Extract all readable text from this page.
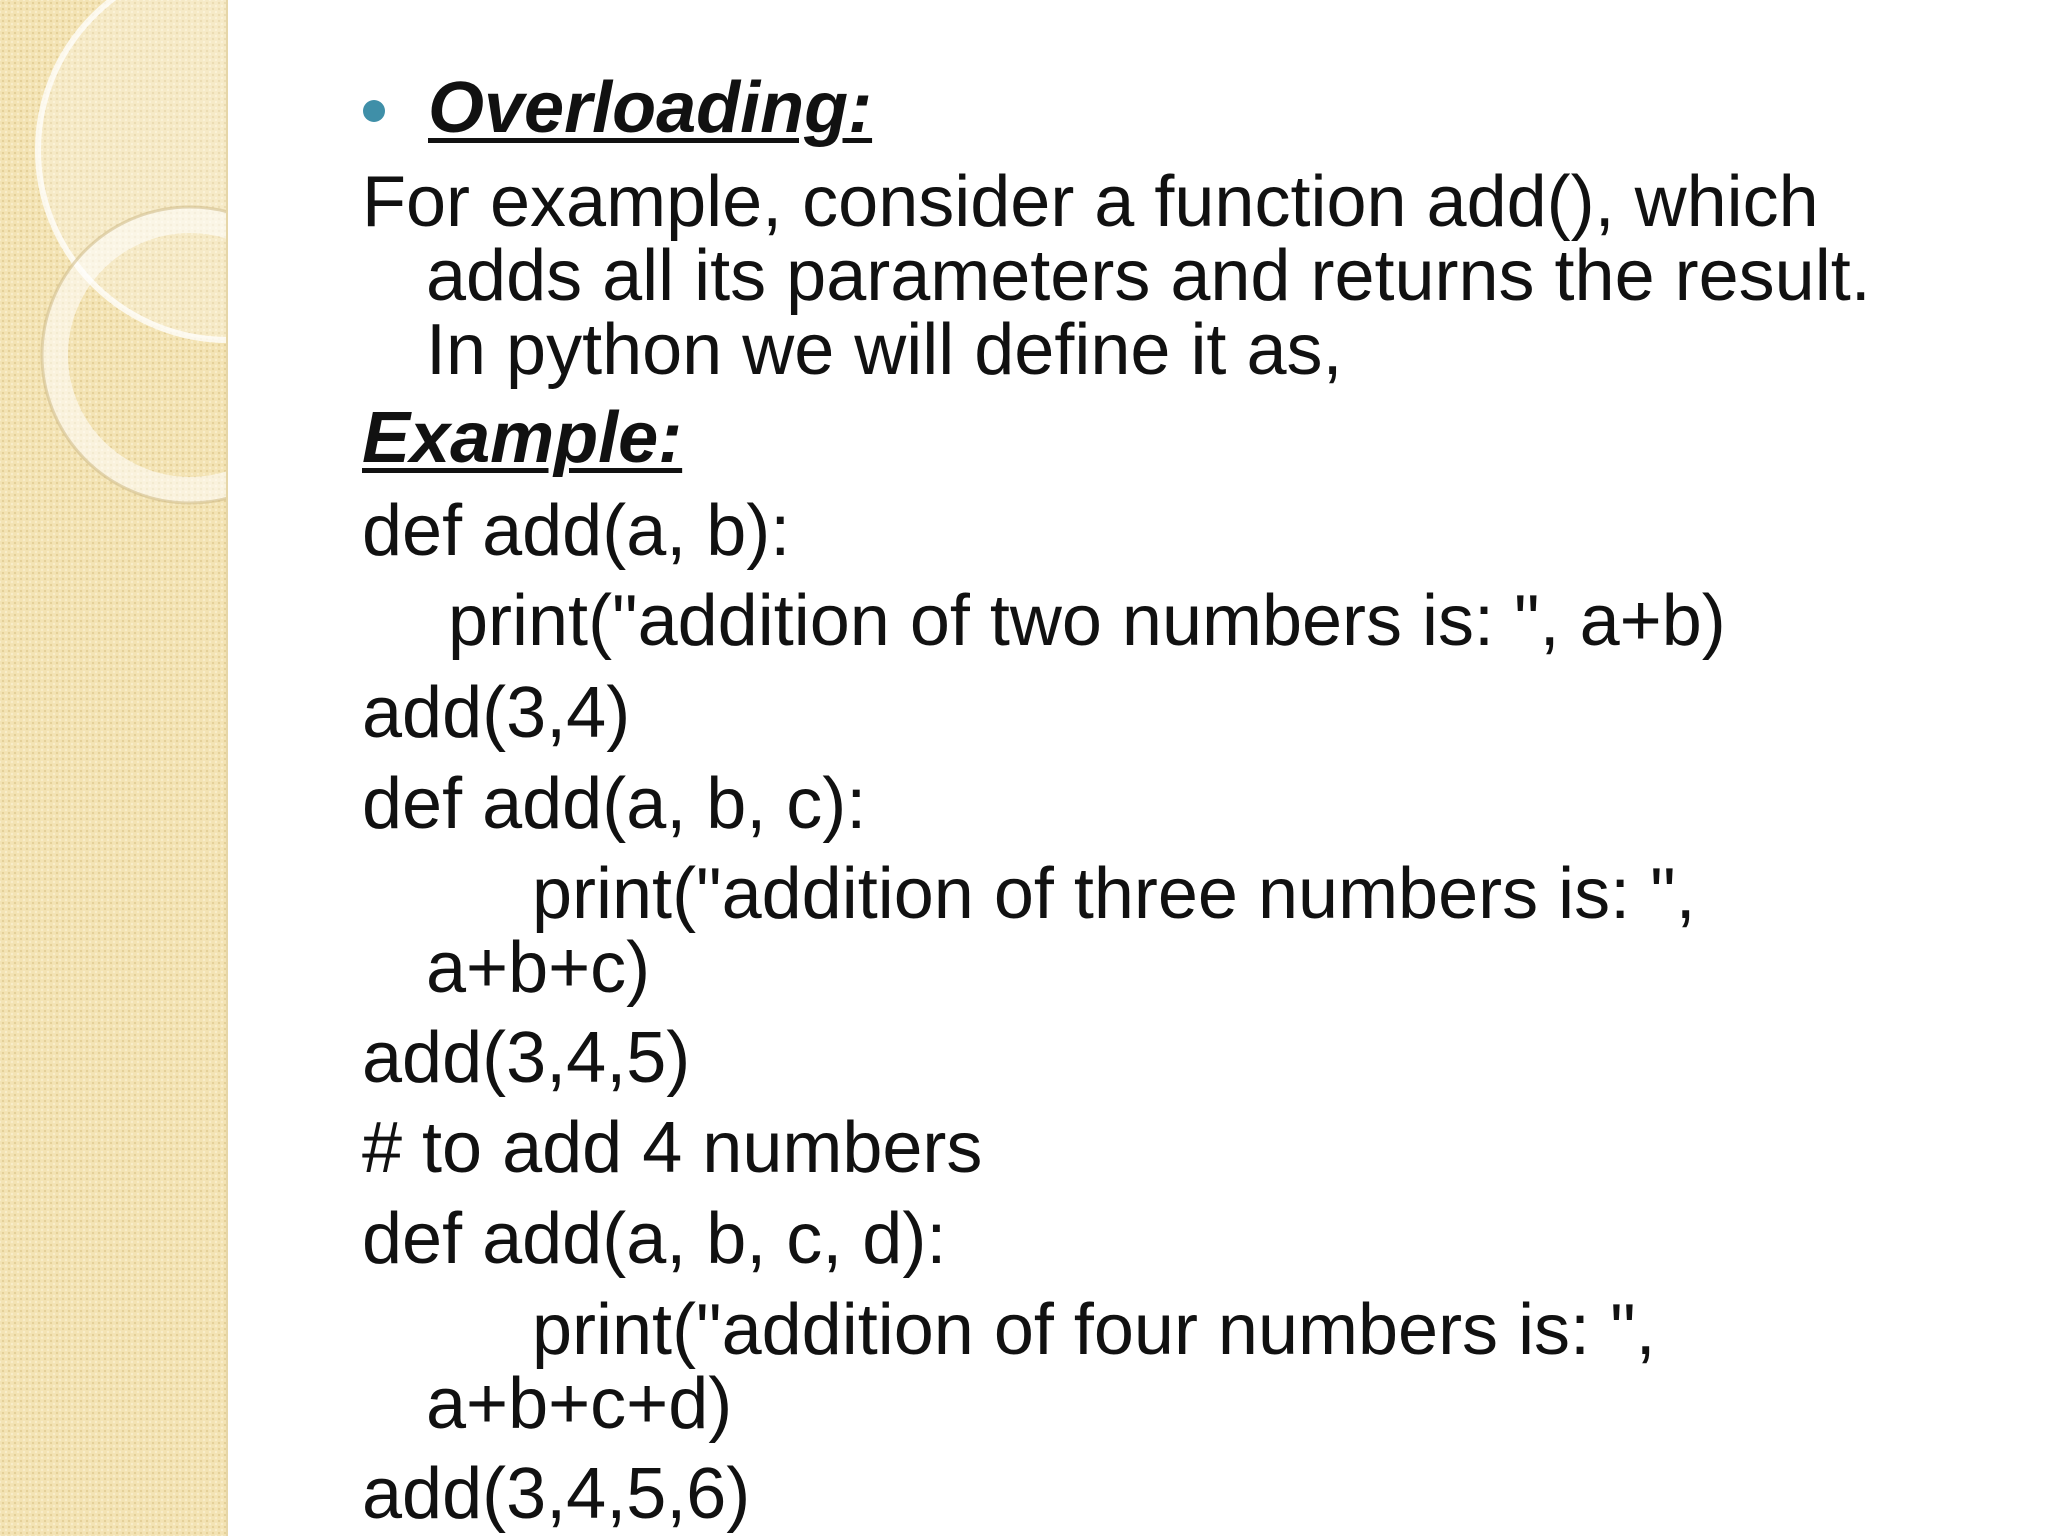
Overloading:
For example, consider a function add(), which
adds all its parameters and returns the result.
In python we will define it as,
Example:
def add(a, b):
print("addition of two numbers is: ", a+b)
add(3,4)
def add(a, b, c):
print("addition of three numbers is: ",
a+b+c)
add(3,4,5)
# to add 4 numbers
def add(a, b, c, d):
print("addition of four numbers is: ",
a+b+c+d)
add(3,4,5,6)
